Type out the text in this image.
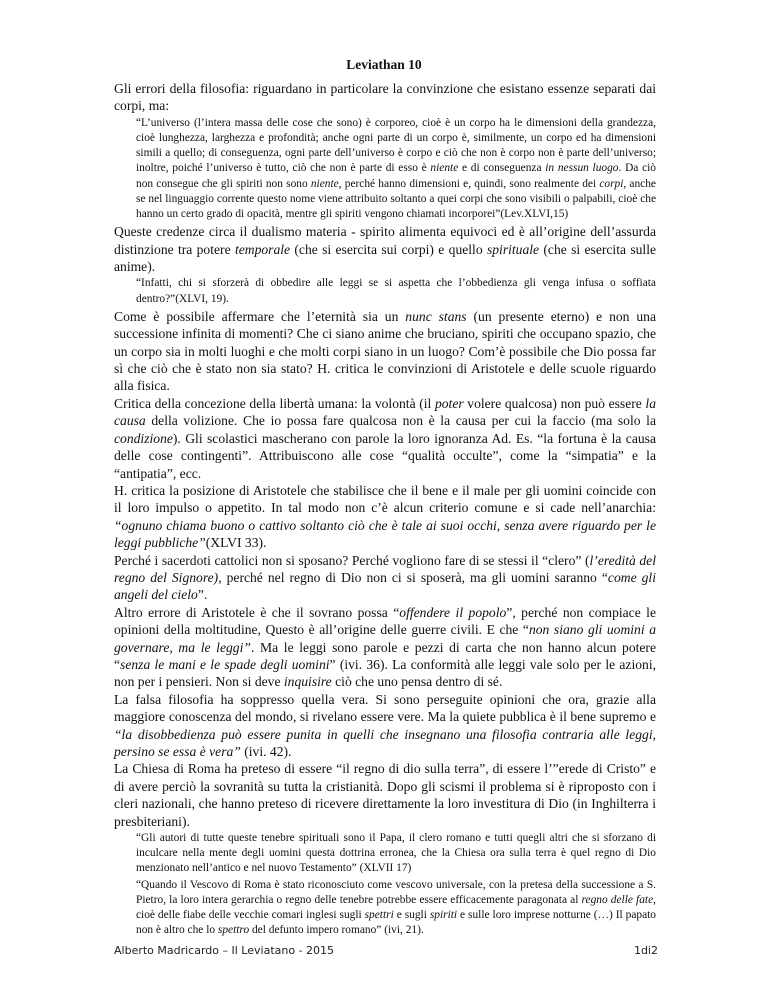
Leviathan 10

Gli errori della filosofia: riguardano in particolare la convinzione che esistano essenze separati dai corpi, ma:

“L’universo (l’intera massa delle cose che sono) è corporeo, cioè è un corpo ha le dimensioni della grandezza, cioè lunghezza, larghezza e profondità; anche ogni parte di un corpo è, similmente, un corpo ed ha dimensioni simili a quello; di conseguenza, ogni parte dell’universo è corpo e ciò che non è corpo non è parte dell’universo; inoltre, poiché l’universo è tutto, ciò che non è parte di esso è niente e di conseguenza in nessun luogo. Da ciò non consegue che gli spiriti non sono niente, perché hanno dimensioni e, quindi, sono realmente dei corpi, anche se nel linguaggio corrente questo nome viene attribuito soltanto a quei corpi che sono visibili o palpabili, cioè che hanno un certo grado di opacità, mentre gli spiriti vengono chiamati incorporei”(Lev.XLVI,15)

Queste credenze circa il dualismo materia - spirito alimenta equivoci ed è all’origine dell’assurda distinzione tra potere temporale (che si esercita sui corpi) e quello spirituale (che si esercita sulle anime).

“Infatti, chi si sforzerà di obbedire alle leggi se si aspetta che l’obbedienza gli venga infusa o soffiata dentro?”(XLVI, 19).

Come è possibile affermare che l’eternità sia un nunc stans (un presente eterno) e non una successione infinita di momenti? Che ci siano anime che bruciano, spiriti che occupano spazio, che un corpo sia in molti luoghi e che molti corpi siano in un luogo? Com’è possibile che Dio possa far sì che ciò che è stato non sia stato? H. critica le convinzioni di Aristotele e delle scuole riguardo alla fisica.

Critica della concezione della libertà umana: la volontà (il poter volere qualcosa) non può essere la causa della volizione. Che io possa fare qualcosa non è la causa per cui la faccio (ma solo la condizione). Gli scolastici mascherano con parole la loro ignoranza Ad. Es. “la fortuna è la causa delle cose contingenti”. Attribuiscono alle cose “qualità occulte”, come la “simpatia” e la “antipatia”, ecc.

H. critica la posizione di Aristotele che stabilisce che il bene e il male per gli uomini coincide con il loro impulso o appetito. In tal modo non c’è alcun criterio comune e si cade nell’anarchia: “ognuno chiama buono o cattivo soltanto ciò che è tale ai suoi occhi, senza avere riguardo per le leggi pubbliche”(XLVI 33).

Perché i sacerdoti cattolici non si sposano? Perché vogliono fare di se stessi il “clero” (l’eredità del regno del Signore), perché nel regno di Dio non ci si sposerà, ma gli uomini saranno “come gli angeli del cielo”.

Altro errore di Aristotele è che il sovrano possa “offendere il popolo”, perché non compiace le opinioni della moltitudine, Questo è all’origine delle guerre civili. E che “non siano gli uomini a governare, ma le leggi”. Ma le leggi sono parole e pezzi di carta che non hanno alcun potere “senza le mani e le spade degli uomini” (ivi. 36). La conformità alle leggi vale solo per le azioni, non per i pensieri. Non si deve inquisire ciò che uno pensa dentro di sé.

La falsa filosofia ha soppresso quella vera. Si sono perseguite opinioni che ora, grazie alla maggiore conoscenza del mondo, si rivelano essere vere. Ma la quiete pubblica è il bene supremo e “la disobbedienza può essere punita in quelli che insegnano una filosofia contraria alle leggi, persino se essa è vera” (ivi. 42).

La Chiesa di Roma ha preteso di essere “il regno di dio sulla terra”, di essere l’”erede di Cristo” e di avere perciò la sovranità su tutta la cristianità. Dopo gli scismi il problema si è riproposto con i cleri nazionali, che hanno preteso di ricevere direttamente la loro investitura di Dio (in Inghilterra i presbiteriani).

“Gli autori di tutte queste tenebre spirituali sono il Papa, il clero romano e tutti quegli altri che si sforzano di inculcare nella mente degli uomini questa dottrina erronea, che la Chiesa ora sulla terra è quel regno di Dio menzionato nell’antico e nel nuovo Testamento” (XLVII 17)

“Quando il Vescovo di Roma è stato riconosciuto come vescovo universale, con la pretesa della successione a S. Pietro, la loro intera gerarchia o regno delle tenebre potrebbe essere efficacemente paragonata al regno delle fate, cioè delle fiabe delle vecchie comari inglesi sugli spettri e sugli spiriti e sulle loro imprese notturne (…) Il papato non è altro che lo spettro del defunto impero romano” (ivi, 21).

Alberto Madricardo – Il Leviatano - 2015	1di2
